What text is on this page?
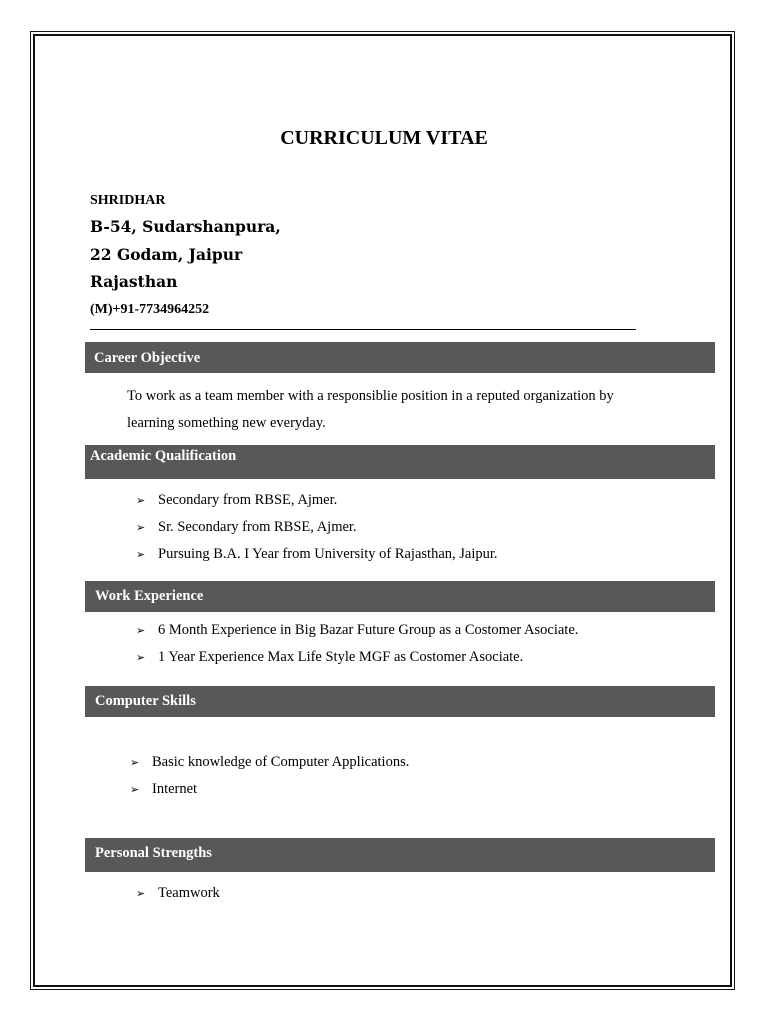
CURRICULUM VITAE
SHRIDHAR
B-54, Sudarshanpura,
22 Godam, Jaipur
Rajasthan
(M)+91-7734964252
Career Objective
To work as a team member with a responsibliе position in a reputed organization by learning something new everyday.
Academic Qualification
➢ Secondary from RBSE, Ajmer.
➢ Sr. Secondary from RBSE, Ajmer.
➢ Pursuing B.A. I Year from University of Rajasthan, Jaipur.
Work Experience
➢ 6 Month Experience in Big Bazar Future Group as a Costomer Asociate.
➢ 1 Year Experience Max Life Style MGF as Costomer Asociate.
Computer Skills
➢ Basic knowledge of Computer Applications.
➢ Internet
Personal Strengths
➢ Teamwork
